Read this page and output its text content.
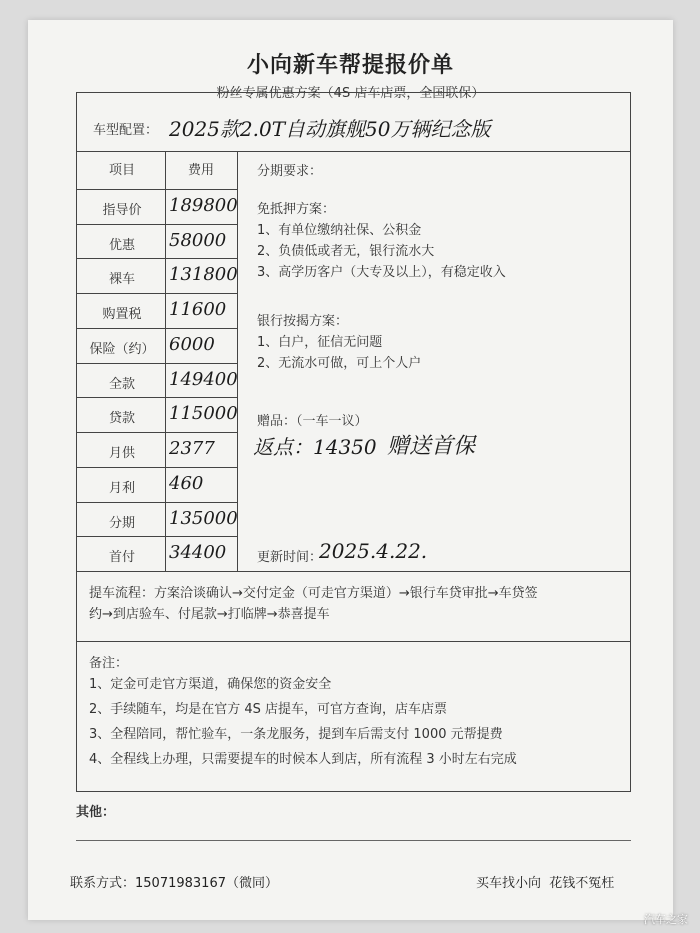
小向新车帮提报价单
粉丝专属优惠方案（4S 店车店票，全国联保）
车型配置： 2025款2.0T自动旗舰50万辆纪念版
项目	费用
指导价	189800
优惠	58000
裸车	131800
购置税	11600
保险（约） 6000
全款	149400
贷款	115000
月供	2377
月利	460
分期	135000
首付	34400
分期要求：
免抵押方案：
1、有单位缴纳社保、公积金
2、负债低或者无，银行流水大
3、高学历客户（大专及以上），有稳定收入
银行按揭方案：
1、白户，征信无问题
2、无流水可做，可上个人户
赠品：（一车一议）
返点：14350 赠送首保
更新时间：
2025.4.22.
提车流程：方案洽谈确认→交付定金（可走官方渠道）→银行车贷审批→车贷签
约→到店验车、付尾款→打临牌→恭喜提车
备注：
1、定金可走官方渠道，确保您的资金安全
2、手续随车，均是在官方 4S 店提车，可官方查询，店车店票
3、全程陪同，帮忙验车，一条龙服务，提到车后需支付 1000 元帮提费
4、全程线上办理，只需要提车的时候本人到店，所有流程 3 小时左右完成
其他：
联系方式：15071983167（微同）	买车找小向  花钱不冤枉
汽车之家
